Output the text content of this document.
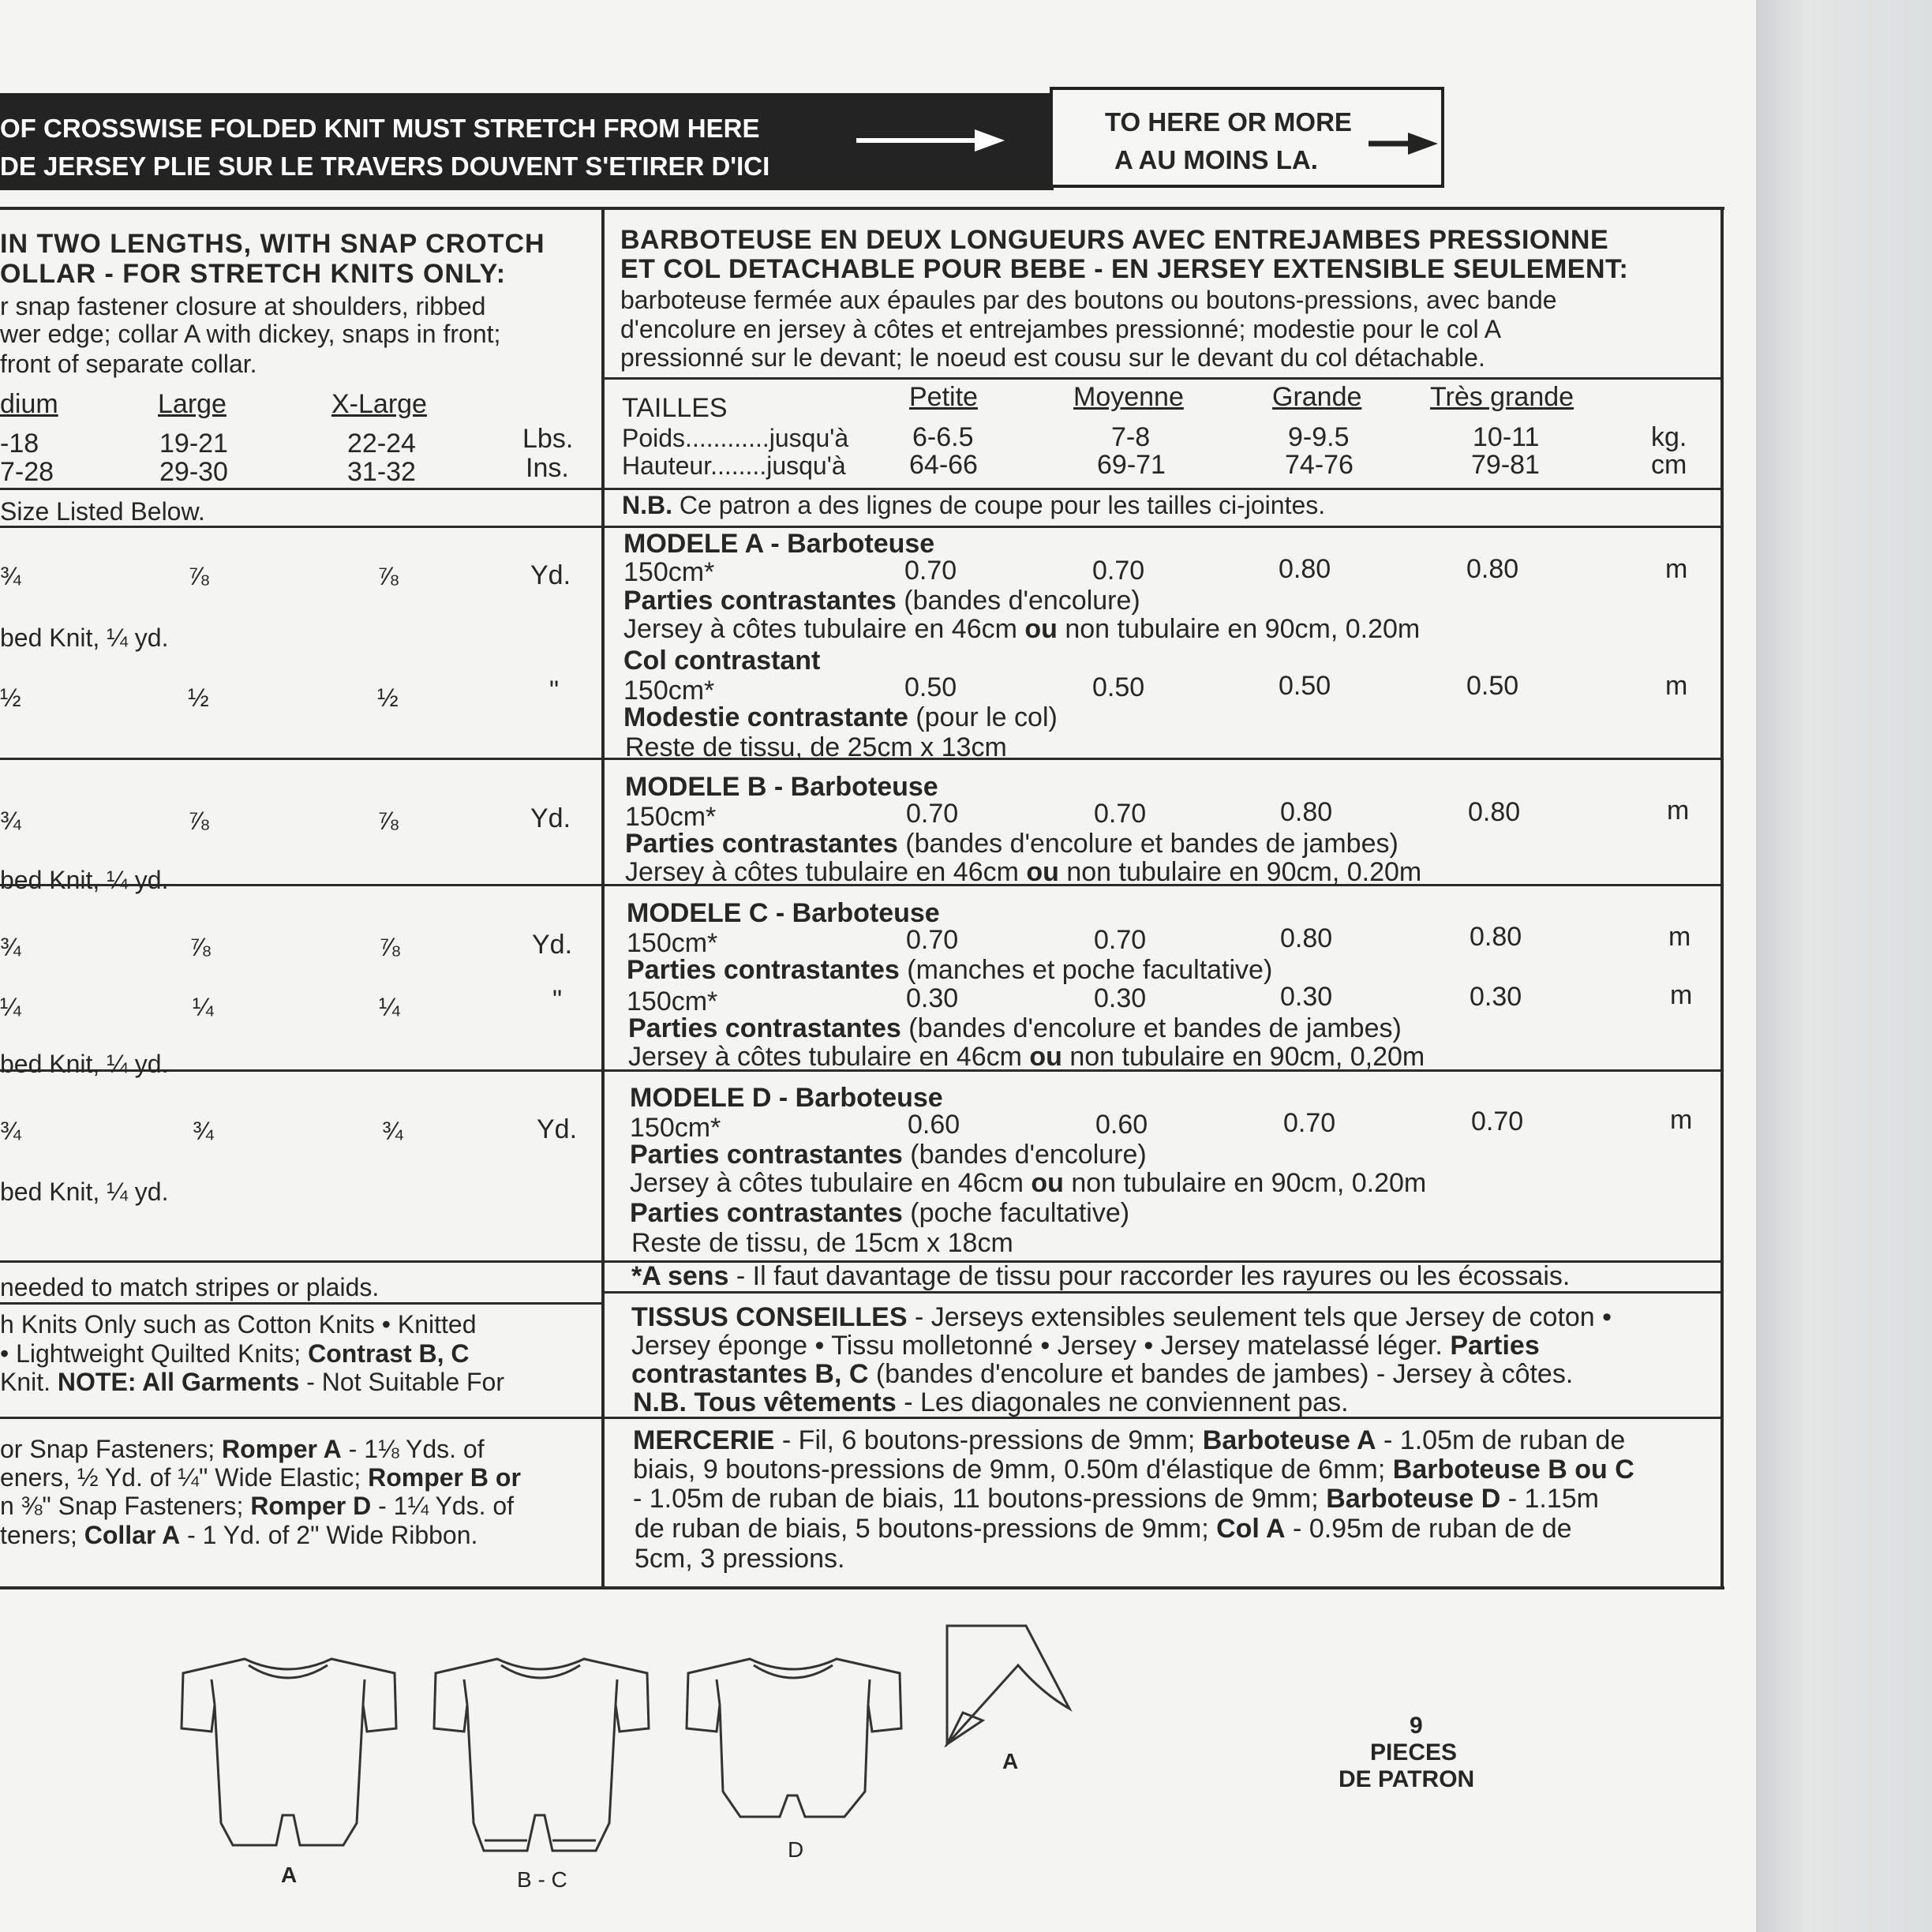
OF CROSSWISE FOLDED KNIT MUST STRETCH FROM HERE
DE JERSEY PLIE SUR LE TRAVERS DOUVENT S'ETIRER D'ICI
TO HERE OR MORE
A AU MOINS LA.
IN TWO LENGTHS, WITH SNAP CROTCH
OLLAR - FOR STRETCH KNITS ONLY:
r snap fastener closure at shoulders, ribbed
wer edge; collar A with dickey, snaps in front;
front of separate collar.
dium	Large	X-Large
-18	19-21	22-24	Lbs.
7-28	29-30	31-32	Ins.
Size Listed Below.
¾	⅞	⅞	Yd.
bed Knit, ¼ yd.
½	½	½	"
¾	⅞	⅞	Yd.
bed Knit, ¼ yd.
¾	⅞	⅞	Yd.
¼	¼	¼	"
bed Knit, ¼ yd.
¾	¾	¾	Yd.
bed Knit, ¼ yd.
needed to match stripes or plaids.
h Knits Only such as Cotton Knits • Knitted
• Lightweight Quilted Knits; Contrast B, C
Knit. NOTE: All Garments - Not Suitable For
or Snap Fasteners; Romper A - 1⅛ Yds. of
eners, ½ Yd. of ¼" Wide Elastic; Romper B or
n ⅜" Snap Fasteners; Romper D - 1¼ Yds. of
teners; Collar A - 1 Yd. of 2" Wide Ribbon.
BARBOTEUSE EN DEUX LONGUEURS AVEC ENTREJAMBES PRESSIONNE
ET COL DETACHABLE POUR BEBE - EN JERSEY EXTENSIBLE SEULEMENT:
barboteuse fermée aux épaules par des boutons ou boutons-pressions, avec bande
d'encolure en jersey à côtes et entrejambes pressionné; modestie pour le col A
pressionné sur le devant; le noeud est cousu sur le devant du col détachable.
TAILLES	Petite	Moyenne	Grande	Très grande
Poids............jusqu'à 6-6.5	7-8	9-9.5	10-11	kg.
Hauteur........jusqu'à 64-66	69-71	74-76	79-81	cm
N.B. Ce patron a des lignes de coupe pour les tailles ci-jointes.
MODELE A - Barboteuse
150cm*	0.70	0.70	0.80	0.80	m
Parties contrastantes (bandes d'encolure)
Jersey à côtes tubulaire en 46cm ou non tubulaire en 90cm, 0.20m
Col contrastant
150cm*	0.50	0.50	0.50	0.50	m
Modestie contrastante (pour le col)
Reste de tissu, de 25cm x 13cm
MODELE B - Barboteuse
150cm*	0.70	0.70	0.80	0.80	m
Parties contrastantes (bandes d'encolure et bandes de jambes)
Jersey à côtes tubulaire en 46cm ou non tubulaire en 90cm, 0.20m
MODELE C - Barboteuse
150cm*	0.70	0.70	0.80	0.80	m
Parties contrastantes (manches et poche facultative)
150cm*	0.30	0.30	0.30	0.30	m
Parties contrastantes (bandes d'encolure et bandes de jambes)
Jersey à côtes tubulaire en 46cm ou non tubulaire en 90cm, 0,20m
MODELE D - Barboteuse
150cm*	0.60	0.60	0.70	0.70	m
Parties contrastantes (bandes d'encolure)
Jersey à côtes tubulaire en 46cm ou non tubulaire en 90cm, 0.20m
Parties contrastantes (poche facultative)
Reste de tissu, de 15cm x 18cm
*A sens - Il faut davantage de tissu pour raccorder les rayures ou les écossais.
TISSUS CONSEILLES - Jerseys extensibles seulement tels que Jersey de coton •
Jersey éponge • Tissu molletonné • Jersey • Jersey matelassé léger. Parties
contrastantes B, C (bandes d'encolure et bandes de jambes) - Jersey à côtes.
N.B. Tous vêtements - Les diagonales ne conviennent pas.
MERCERIE - Fil, 6 boutons-pressions de 9mm; Barboteuse A - 1.05m de ruban de
biais, 9 boutons-pressions de 9mm, 0.50m d'élastique de 6mm; Barboteuse B ou C
- 1.05m de ruban de biais, 11 boutons-pressions de 9mm; Barboteuse D - 1.15m
de ruban de biais, 5 boutons-pressions de 9mm; Col A - 0.95m de ruban de de
5cm, 3 pressions.
A	B - C
D
A
9
PIECES
DE PATRON
